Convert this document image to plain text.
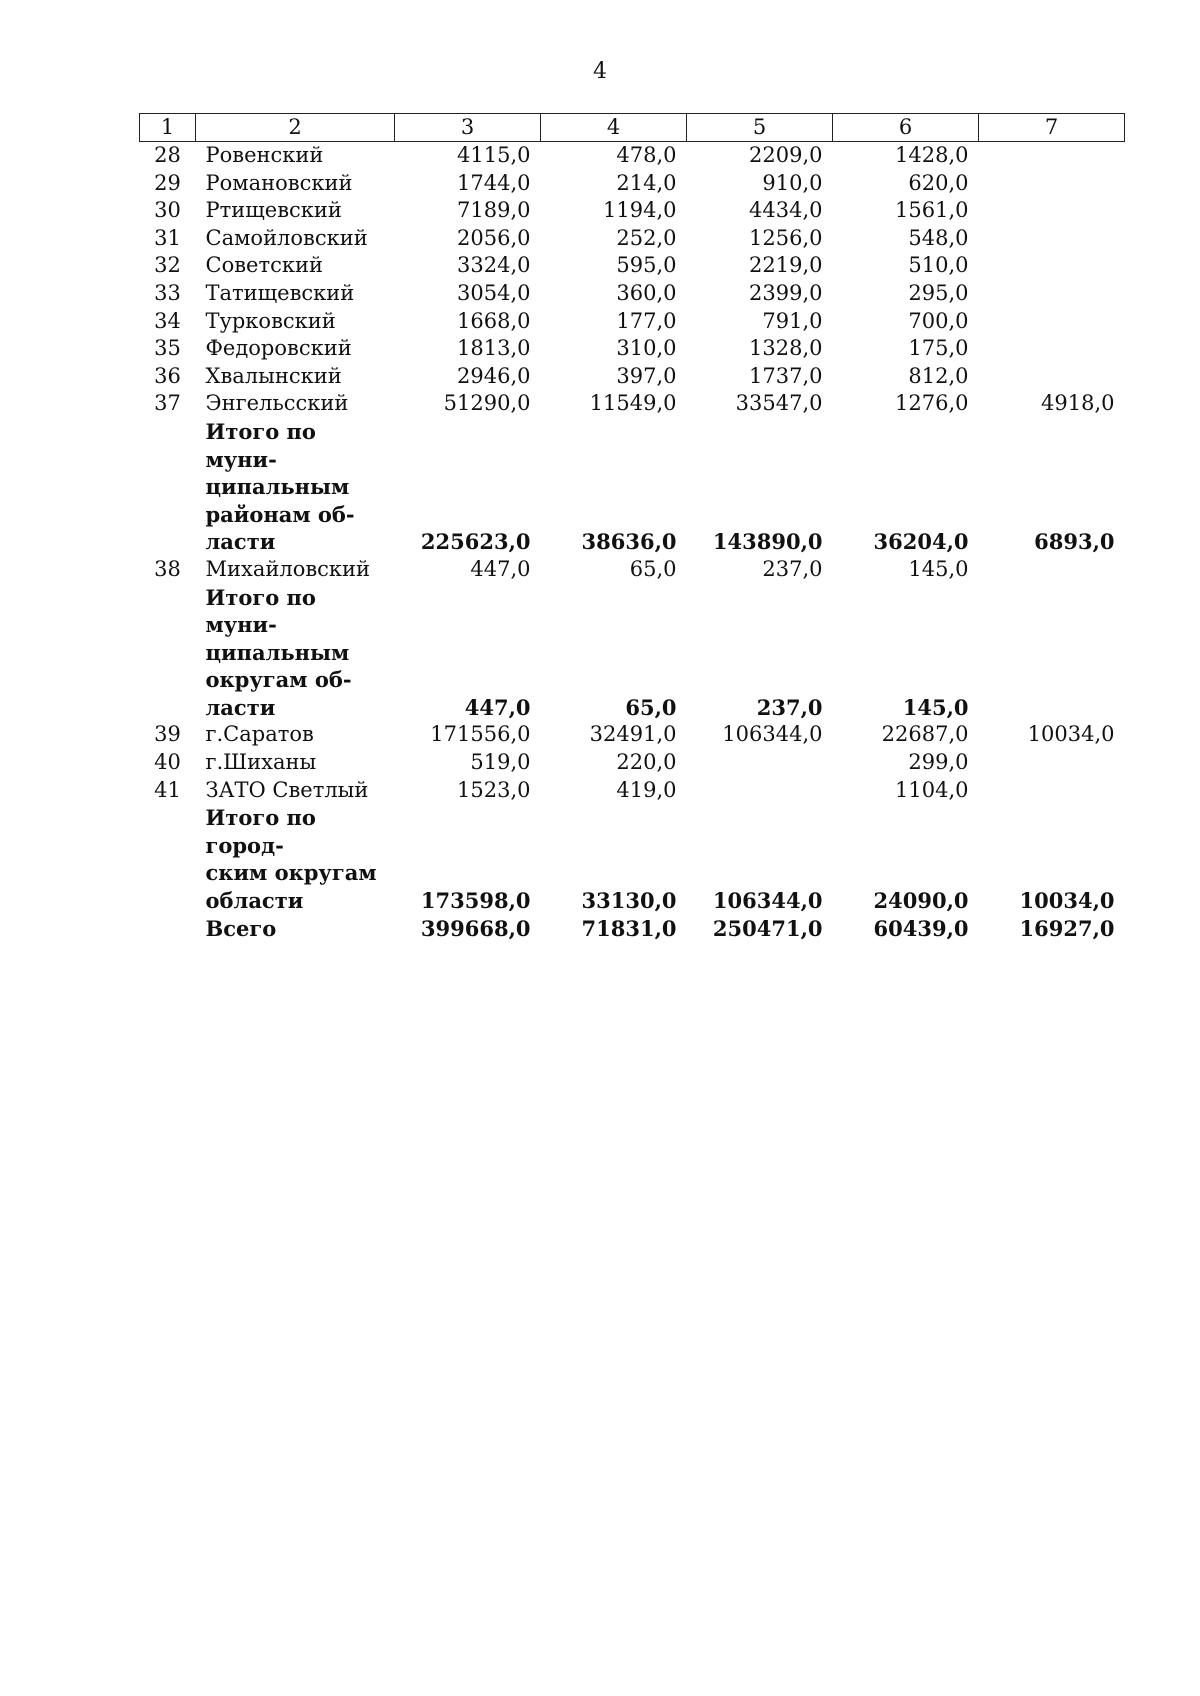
4
1	2	3	4	5	6	7
28	Ровенский	4115,0	478,0	2209,0	1428,0	
29	Романовский	1744,0	214,0	910,0	620,0	
30	Ртищевский	7189,0	1194,0	4434,0	1561,0	
31	Самойловский	2056,0	252,0	1256,0	548,0	
32	Советский	3324,0	595,0	2219,0	510,0	
33	Татищевский	3054,0	360,0	2399,0	295,0	
34	Турковский	1668,0	177,0	791,0	700,0	
35	Федоровский	1813,0	310,0	1328,0	175,0	
36	Хвалынский	2946,0	397,0	1737,0	812,0	
37	Энгельсский	51290,0	11549,0	33547,0	1276,0	4918,0

	Итого по муни-
ципальным
районам об-
ласти	225623,0	38636,0	143890,0	36204,0	6893,0
38	Михайловский	447,0	65,0	237,0	145,0	

	Итого по муни-
ципальным
округам об-
ласти	447,0	65,0	237,0	145,0	
39	г.Саратов	171556,0	32491,0	106344,0	22687,0	10034,0
40	г.Шиханы	519,0	220,0		299,0	
41	ЗАТО Светлый	1523,0	419,0		1104,0	

	Итого по город-
ским округам
области	173598,0	33130,0	106344,0	24090,0	10034,0

	Всего	399668,0	71831,0	250471,0	60439,0	16927,0
